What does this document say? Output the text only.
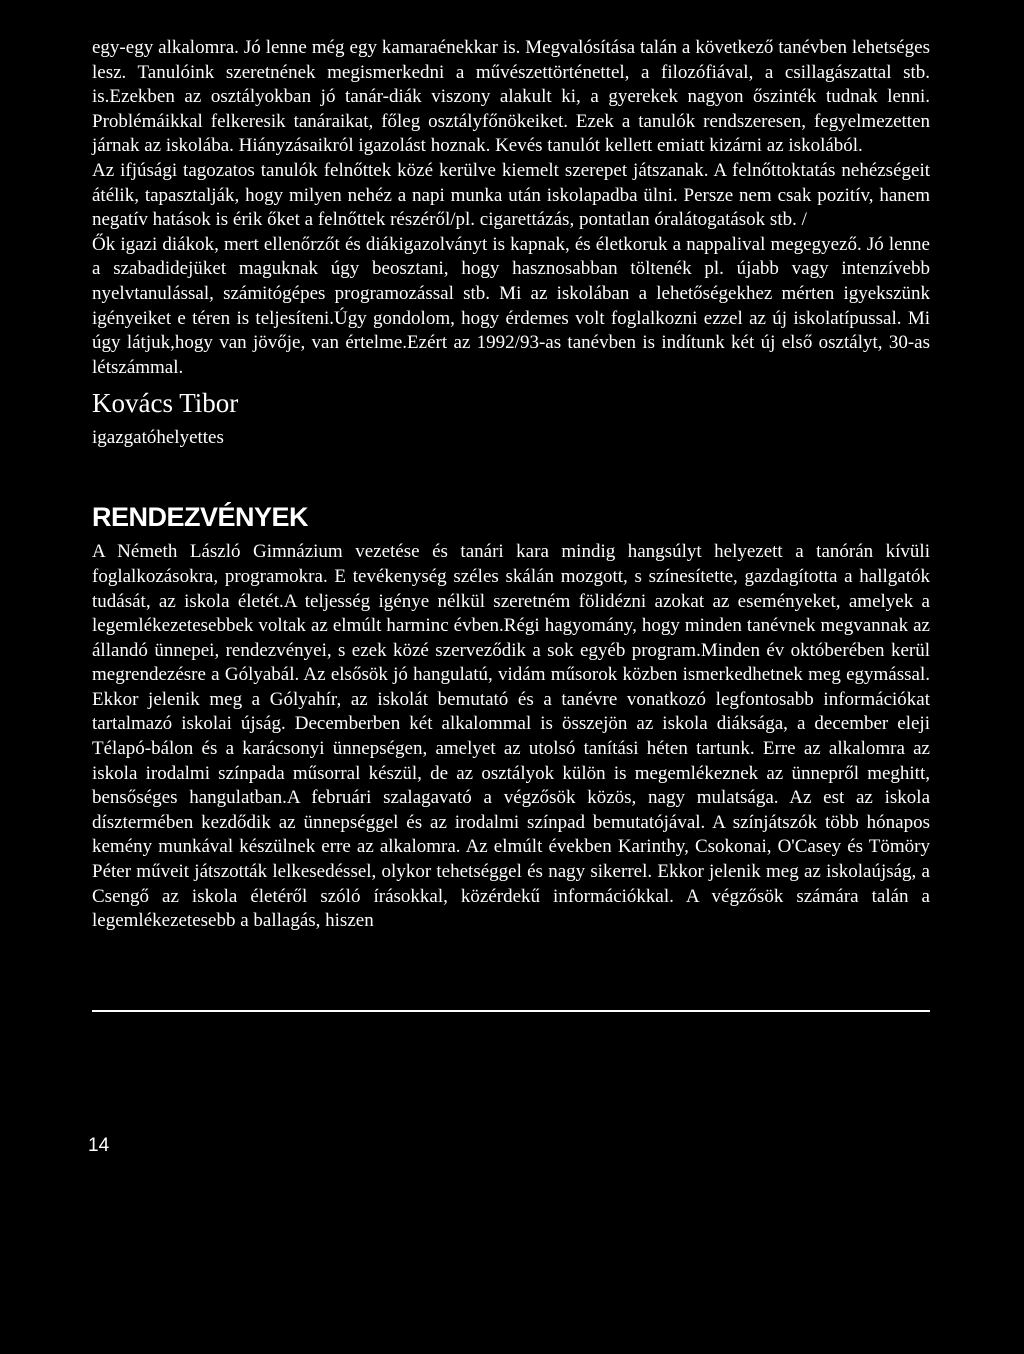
egy-egy alkalomra. Jó lenne még egy kamaraénekkar is. Megvalósítása talán a következő tanévben lehetséges lesz. Tanulóink szeretnének megismerkedni a művészettörténettel, a filozófiával, a csillagászattal stb. is.Ezekben az osztályokban jó tanár-diák viszony alakult ki, a gyerekek nagyon őszinték tudnak lenni. Problémáikkal felkeresik tanáraikat, főleg osztályfőnökeiket. Ezek a tanulók rendszeresen, fegyelmezetten járnak az iskolába. Hiányzásaikról igazolást hoznak. Kevés tanulót kellett emiatt kizárni az iskolából.

Az ifjúsági tagozatos tanulók felnőttek közé kerülve kiemelt szerepet játszanak. A felnőttoktatás nehézségeit átélik, tapasztalják, hogy milyen nehéz a napi munka után iskolapadba ülni. Persze nem csak pozitív, hanem negatív hatások is érik őket a felnőttek részéről/pl. cigarettázás, pontatlan óralátogatások stb. /

Ők igazi diákok, mert ellenőrzőt és diákigazolványt is kapnak, és életkoruk a nappalival megegyező. Jó lenne a szabadidejüket maguknak úgy beosztani, hogy hasznosabban töltenék pl. újabb vagy intenzívebb nyelvtanulással, számitógépes programozással stb. Mi az iskolában a lehetőségekhez mérten igyekszünk igényeiket e téren is teljesíteni.Úgy gondolom, hogy érdemes volt foglalkozni ezzel az új iskolatípussal. Mi úgy látjuk,hogy van jövője, van értelme.Ezért az 1992/93-as tanévben is indítunk két új első osztályt, 30-as létszámmal.

Kovács Tibor
igazgatóhelyettes
RENDEZVÉNYEK

A Németh László Gimnázium vezetése és tanári kara mindig hangsúlyt helyezett a tanórán kívüli foglalkozásokra, programokra. E tevékenység széles skálán mozgott, s színesítette, gazdagította a hallgatók tudását, az iskola életét.A teljesség igénye nélkül szeretném fölidézni azokat az eseményeket, amelyek a legemlékezetesebbek voltak az elmúlt harminc évben.Régi hagyomány, hogy minden tanévnek megvannak az állandó ünnepei, rendezvényei, s ezek közé szerveződik a sok egyéb program.Minden év októberében kerül megrendezésre a Gólyabál. Az elsősök jó hangulatú, vidám műsorok közben ismerkedhetnek meg egymással. Ekkor jelenik meg a Gólyahír, az iskolát bemutató és a tanévre vonatkozó legfontosabb információkat tartalmazó iskolai újság. Decemberben két alkalommal is összejön az iskola diáksága, a december eleji Télapó-bálon és a karácsonyi ünnepségen, amelyet az utolsó tanítási héten tartunk. Erre az alkalomra az iskola irodalmi színpada műsorral készül, de az osztályok külön is megemlékeznek az ünnepről meghitt, bensőséges hangulatban.A februári szalagavató a végzősök közös, nagy mulatsága. Az est az iskola dísztermében kezdődik az ünnepséggel és az irodalmi színpad bemutatójával. A színjátszók több hónapos kemény munkával készülnek erre az alkalomra. Az elmúlt években Karinthy, Csokonai, O'Casey és Tömöry Péter műveit játszották lelkesedéssel, olykor tehetséggel és nagy sikerrel. Ekkor jelenik meg az iskolaújság, a Csengő az iskola életéről szóló írásokkal, közérdekű információkkal. A végzősök számára talán a legemlékezetesebb a ballagás, hiszen

14
